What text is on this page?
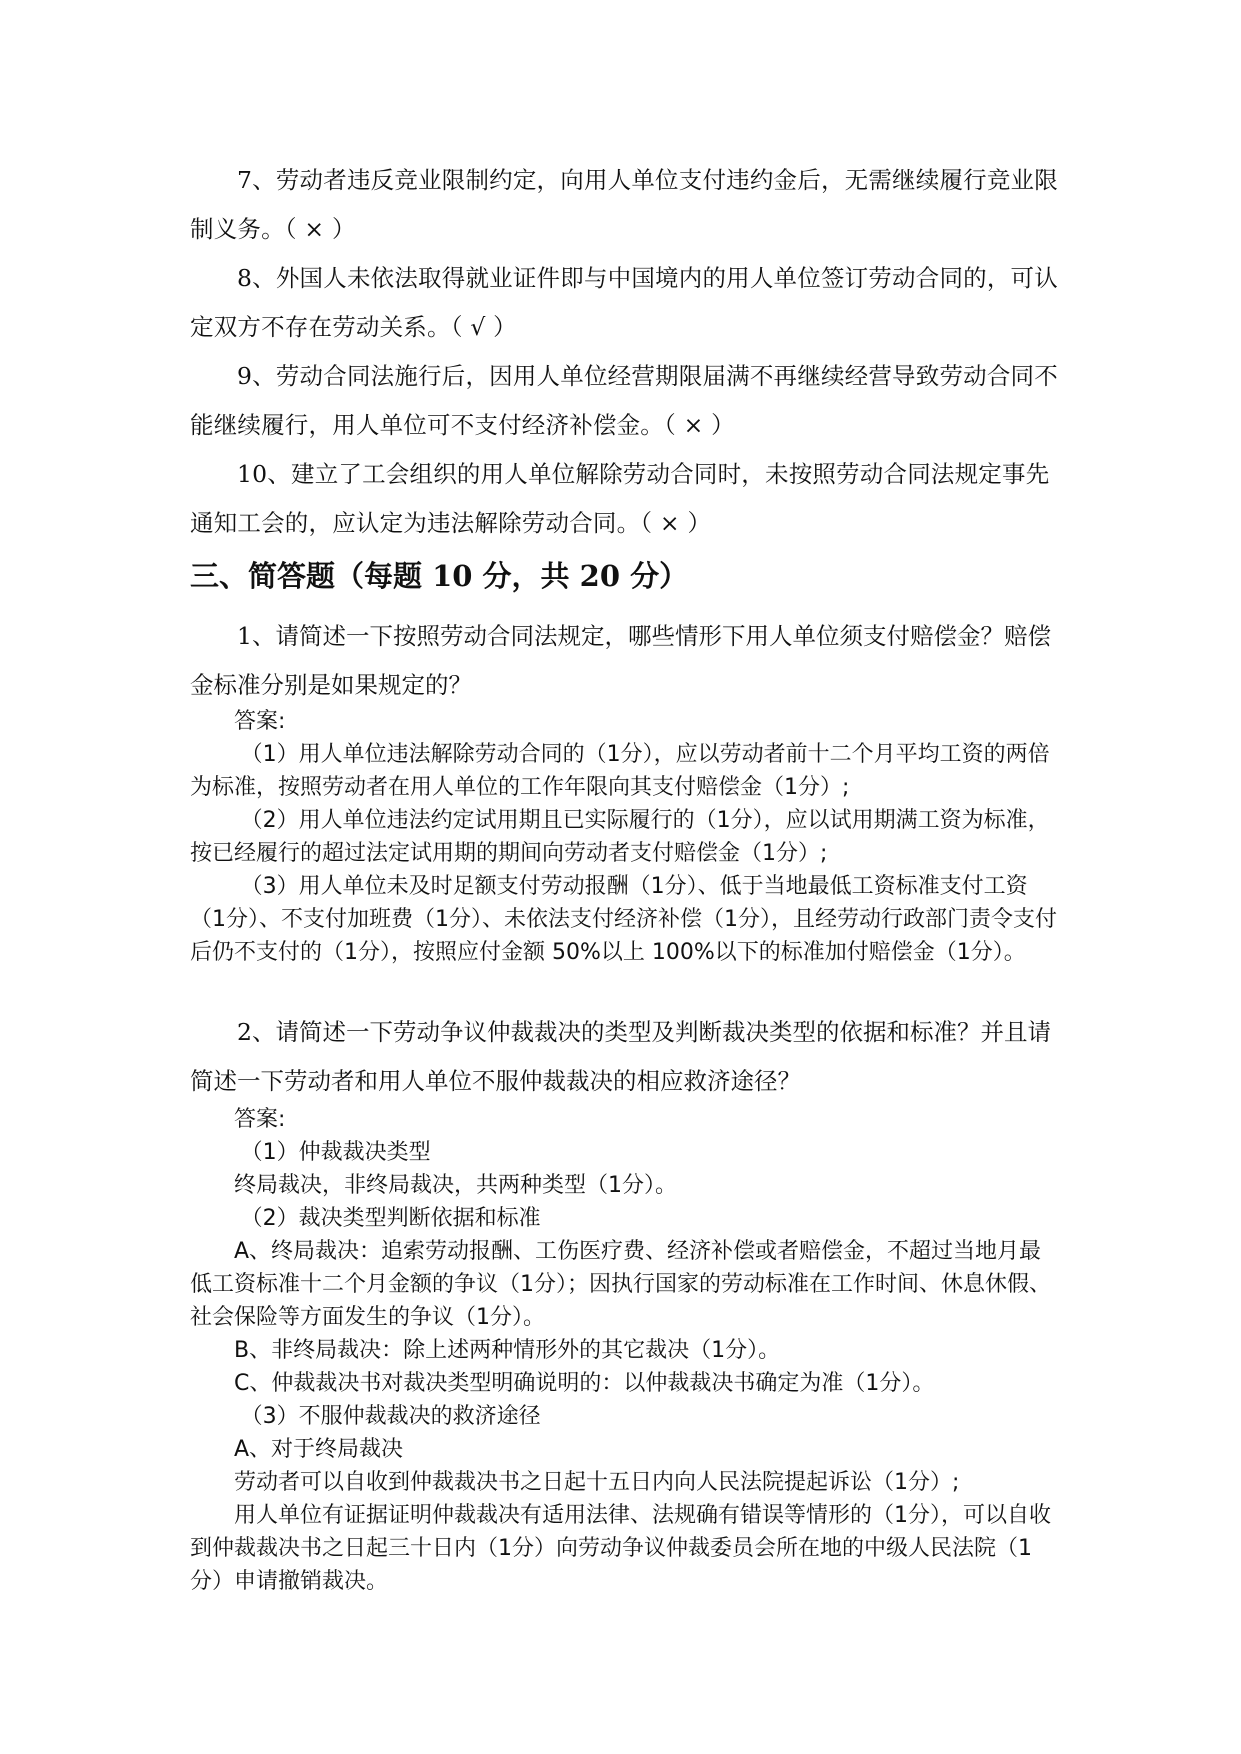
7、劳动者违反竞业限制约定，向用人单位支付违约金后，无需继续履行竞业限制义务。（ × ）

8、外国人未依法取得就业证件即与中国境内的用人单位签订劳动合同的，可认定双方不存在劳动关系。（ √ ）

9、劳动合同法施行后，因用人单位经营期限届满不再继续经营导致劳动合同不能继续履行，用人单位可不支付经济补偿金。（ × ）

10、建立了工会组织的用人单位解除劳动合同时，未按照劳动合同法规定事先通知工会的，应认定为违法解除劳动合同。（ × ）

三、简答题（每题 10 分，共 20 分）

1、请简述一下按照劳动合同法规定，哪些情形下用人单位须支付赔偿金？赔偿金标准分别是如果规定的？

答案:

（1）用人单位违法解除劳动合同的（1分），应以劳动者前十二个月平均工资的两倍为标准，按照劳动者在用人单位的工作年限向其支付赔偿金（1分）;

（2）用人单位违法约定试用期且已实际履行的（1分），应以试用期满工资为标准，按已经履行的超过法定试用期的期间向劳动者支付赔偿金（1分）;

（3）用人单位未及时足额支付劳动报酬（1分）、低于当地最低工资标准支付工资（1分）、不支付加班费（1分）、未依法支付经济补偿（1分），且经劳动行政部门责令支付后仍不支付的（1分），按照应付金额 50%以上 100%以下的标准加付赔偿金（1分）。

2、请简述一下劳动争议仲裁裁决的类型及判断裁决类型的依据和标准？并且请简述一下劳动者和用人单位不服仲裁裁决的相应救济途径？

答案:

（1）仲裁裁决类型

终局裁决，非终局裁决，共两种类型（1分）。

（2）裁决类型判断依据和标准

A、终局裁决：追索劳动报酬、工伤医疗费、经济补偿或者赔偿金，不超过当地月最低工资标准十二个月金额的争议（1分）；因执行国家的劳动标准在工作时间、休息休假、社会保险等方面发生的争议（1分）。

B、非终局裁决：除上述两种情形外的其它裁决（1分）。

C、仲裁裁决书对裁决类型明确说明的：以仲裁裁决书确定为准（1分）。

（3）不服仲裁裁决的救济途径

A、对于终局裁决

劳动者可以自收到仲裁裁决书之日起十五日内向人民法院提起诉讼（1分）;

用人单位有证据证明仲裁裁决有适用法律、法规确有错误等情形的（1分），可以自收到仲裁裁决书之日起三十日内（1分）向劳动争议仲裁委员会所在地的中级人民法院（1分）申请撤销裁决。
